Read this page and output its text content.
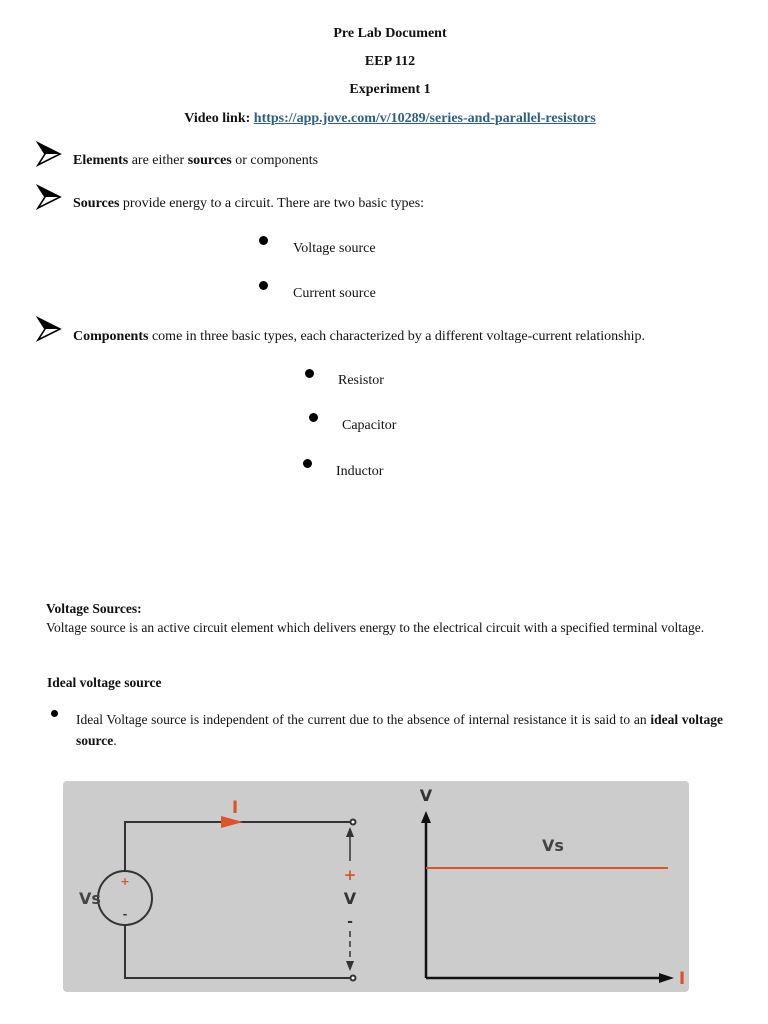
Pre Lab Document
EEP 112
Experiment 1
Video link: https://app.jove.com/v/10289/series-and-parallel-resistors
Elements are either sources or components
Sources provide energy to a circuit. There are two basic types:
Voltage source
Current source
Components come in three basic types, each characterized by a different voltage-current relationship.
Resistor
Capacitor
Inductor
Voltage Sources:
Voltage source is an active circuit element which delivers energy to the electrical circuit with a specified terminal voltage.
Ideal voltage source
Ideal Voltage source is independent of the current due to the absence of internal resistance it is said to an ideal voltage source.
I
+
-
Vs
+
V
-
V
I
Vs
